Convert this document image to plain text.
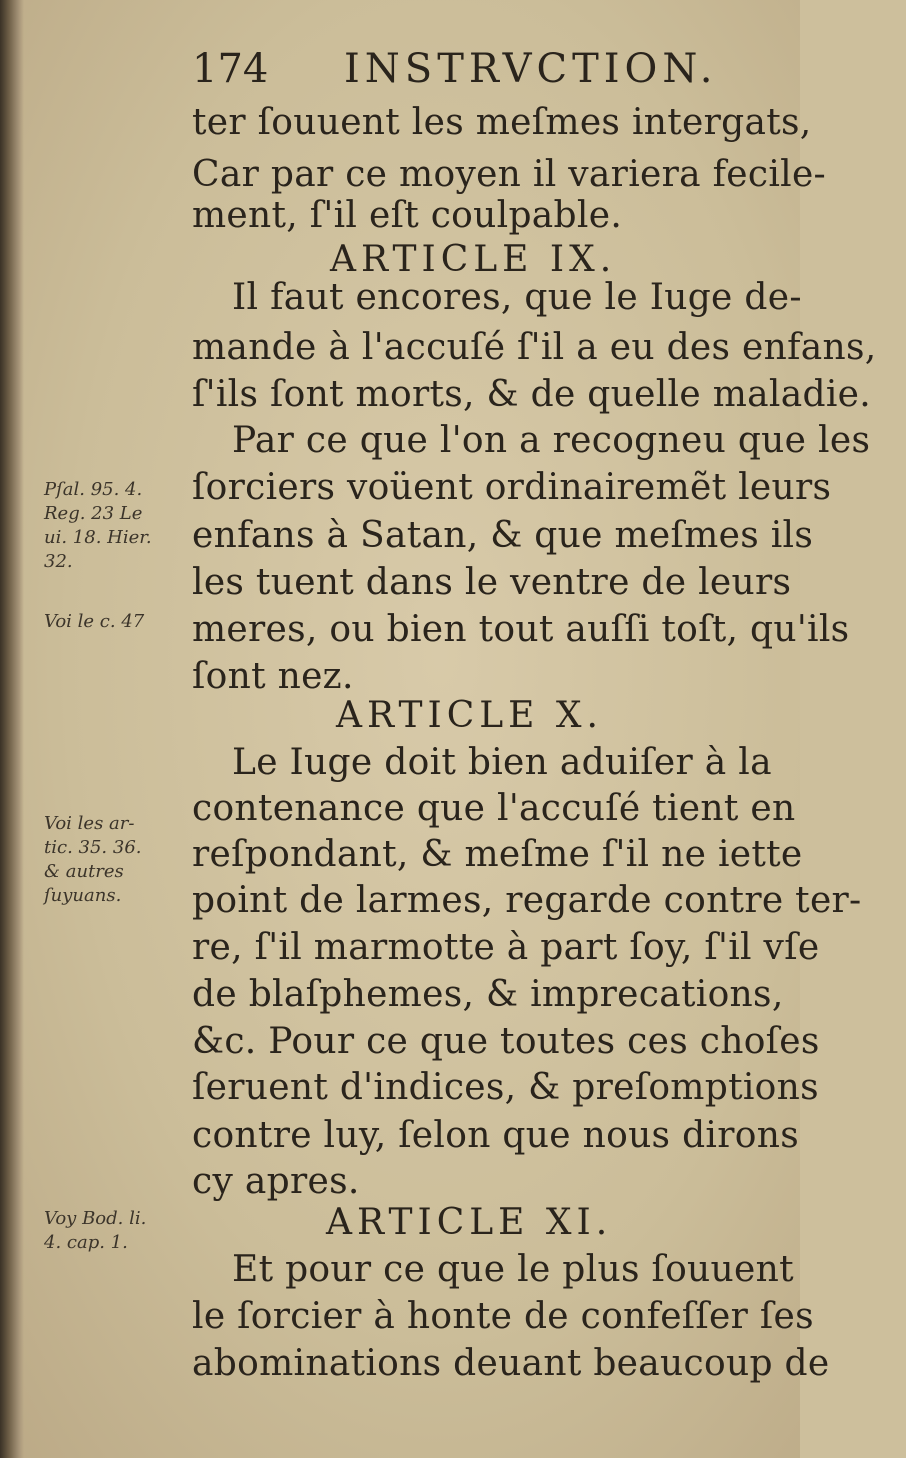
174 INSTRVCTION.
ter ſouuent les meſmes intergats,
Car par ce moyen il variera fecile-
ment, ſ'il eſt coulpable.
ARTICLE IX.
Il faut encores, que le Iuge de-
mande à l'accuſé ſ'il a eu des enfans,
ſ'ils ſont morts, & de quelle maladie.
Par ce que l'on a recogneu que les
ſorciers voüent ordinairemẽt leurs
enfans à Satan, & que meſmes ils
les tuent dans le ventre de leurs
meres, ou bien tout auſſi toſt, qu'ils
ſont nez.
ARTICLE X.
Le Iuge doit bien aduiſer à la
contenance que l'accuſé tient en
reſpondant, & meſme ſ'il ne iette
point de larmes, regarde contre ter-
re, ſ'il marmotte à part ſoy, ſ'il vſe
de blaſphemes, & imprecations,
&c. Pour ce que toutes ces choſes
ſeruent d'indices, & preſomptions
contre luy, ſelon que nous dirons
cy apres.
ARTICLE XI.
Et pour ce que le plus ſouuent
le ſorcier à honte de confeſſer ſes
abominations deuant beaucoup de
Pſal. 95. 4.
Reg. 23 Le
ui. 18. Hier.
32.
Voi le c. 47
Voi les ar-
tic. 35. 36.
& autres
ſuyuans.
Voy Bod. li.
4. cap. 1.
